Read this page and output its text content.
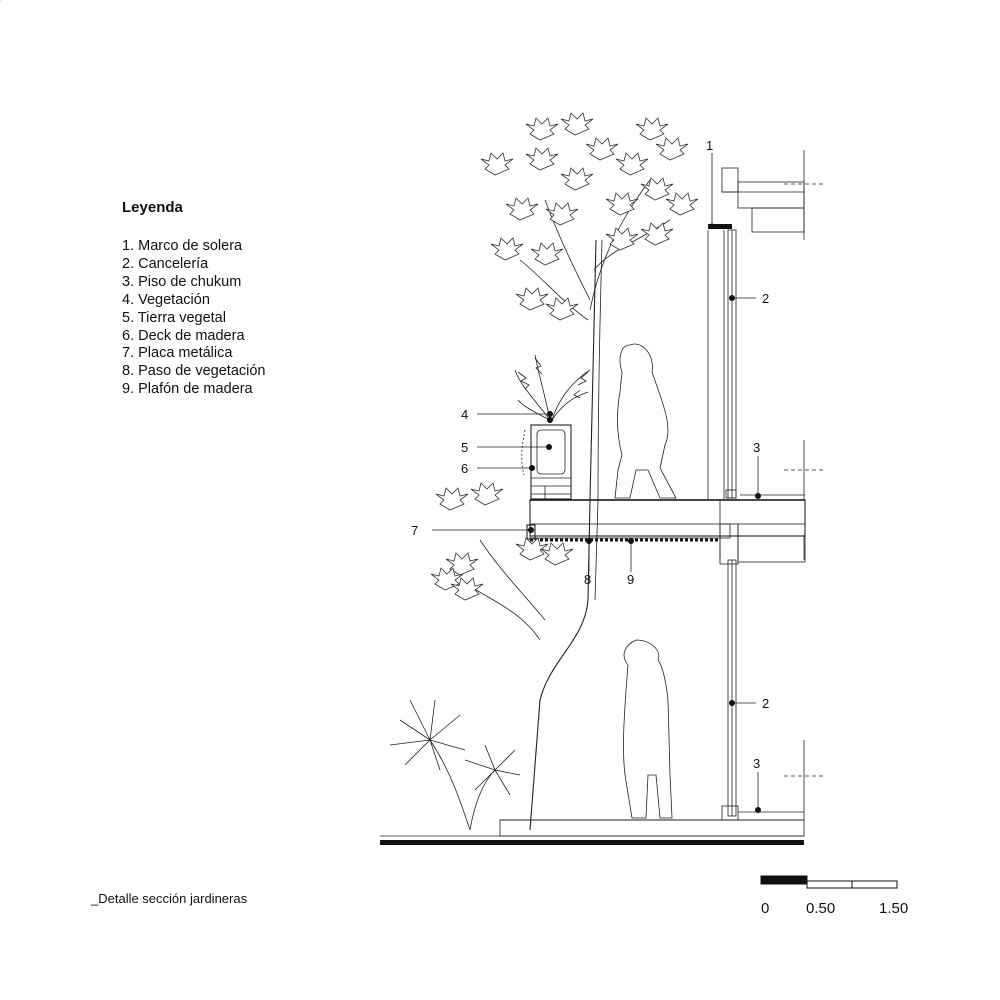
Leyenda
1. Marco de solera
2. Cancelería
3. Piso de chukum
4. Vegetación
5. Tierra vegetal
6. Deck de madera
7. Placa metálica
8. Paso de vegetación
9. Plafón de madera
_Detalle sección jardineras
1
2
3
4
5
6
7
8	9
2
3
0 0.50	1.50
